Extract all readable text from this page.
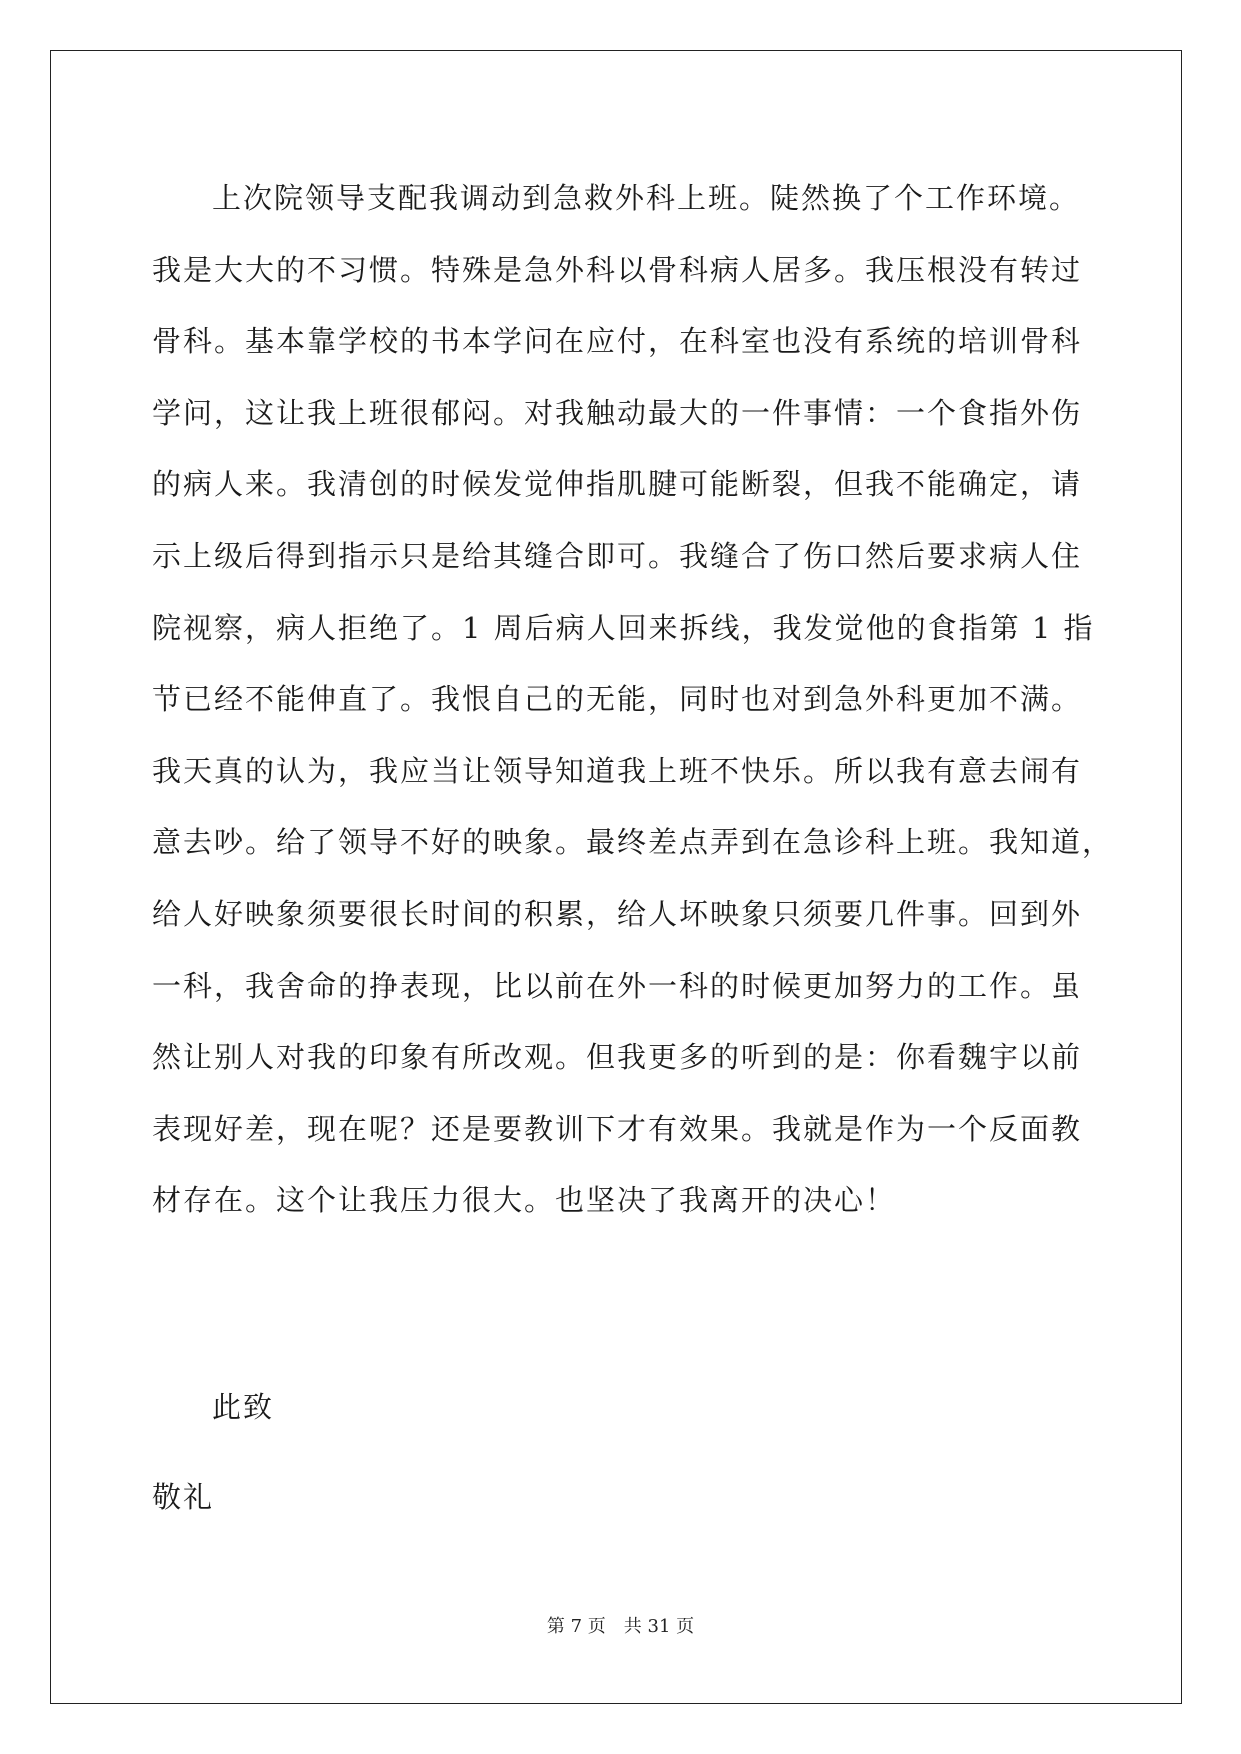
上次院领导支配我调动到急救外科上班。陡然换了个工作环境。
我是大大的不习惯。特殊是急外科以骨科病人居多。我压根没有转过
骨科。基本靠学校的书本学问在应付，在科室也没有系统的培训骨科
学问，这让我上班很郁闷。对我触动最大的一件事情：一个食指外伤
的病人来。我清创的时候发觉伸指肌腱可能断裂，但我不能确定，请
示上级后得到指示只是给其缝合即可。我缝合了伤口然后要求病人住
院视察，病人拒绝了。1 周后病人回来拆线，我发觉他的食指第 1 指
节已经不能伸直了。我恨自己的无能，同时也对到急外科更加不满。
我天真的认为，我应当让领导知道我上班不快乐。所以我有意去闹有
意去吵。给了领导不好的映象。最终差点弄到在急诊科上班。我知道，
给人好映象须要很长时间的积累，给人坏映象只须要几件事。回到外
一科，我舍命的挣表现，比以前在外一科的时候更加努力的工作。虽
然让别人对我的印象有所改观。但我更多的听到的是：你看魏宇以前
表现好差，现在呢？还是要教训下才有效果。我就是作为一个反面教
材存在。这个让我压力很大。也坚决了我离开的决心！
此致
敬礼
第 7 页　共 31 页
